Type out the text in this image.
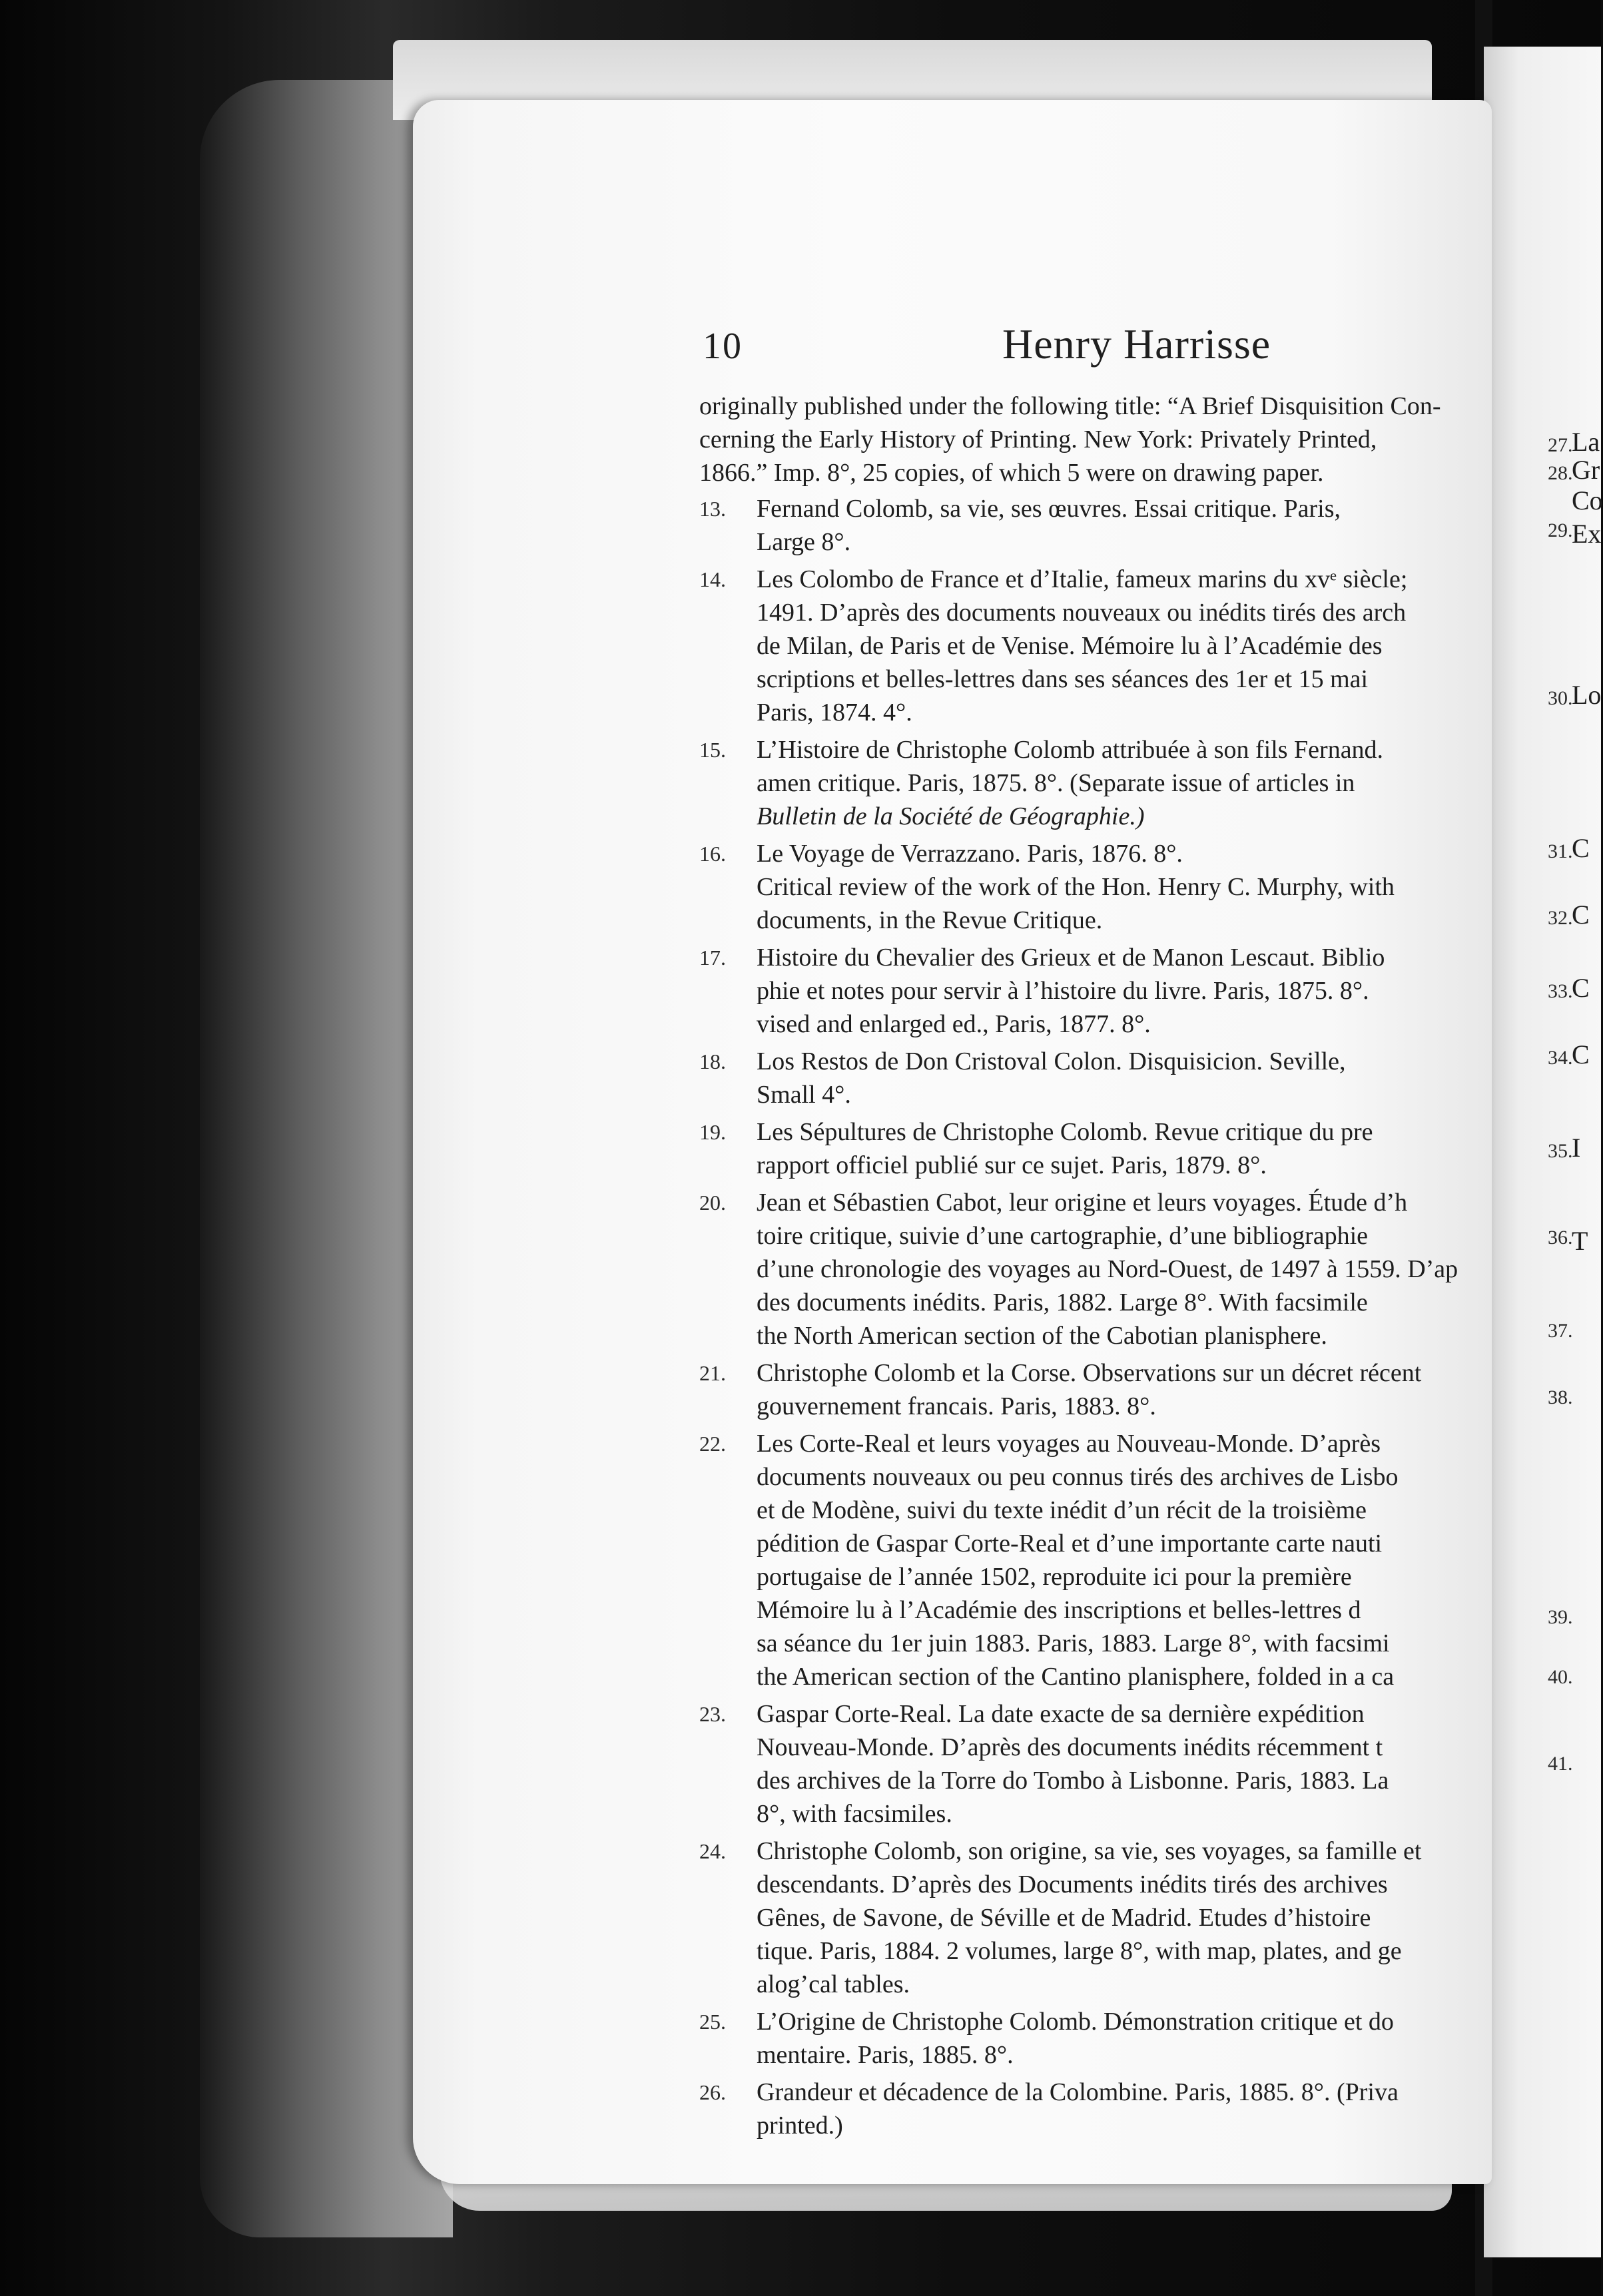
10	Henry Harrisse

originally published under the following title: “A Brief Disquisition Con-

cerning the Early History of Printing. New York: Privately Printed,

1866.” Imp. 8°, 25 copies, of which 5 were on drawing paper.

13. Fernand Colomb, sa vie, ses œuvres. Essai critique. Paris,
Large 8°.
14. Les Colombo de France et d’Italie, fameux marins du xvᵉ siècle;
1491. D’après des documents nouveaux ou inédits tirés des arch
de Milan, de Paris et de Venise. Mémoire lu à l’Académie des
scriptions et belles-lettres dans ses séances des 1er et 15 mai
Paris, 1874. 4°.
15. L’Histoire de Christophe Colomb attribuée à son fils Fernand.
amen critique. Paris, 1875. 8°. (Separate issue of articles in
Bulletin de la Société de Géographie.)
16. Le Voyage de Verrazzano. Paris, 1876. 8°.
Critical review of the work of the Hon. Henry C. Murphy, with
documents, in the Revue Critique.
17. Histoire du Chevalier des Grieux et de Manon Lescaut. Biblio
phie et notes pour servir à l’histoire du livre. Paris, 1875. 8°.
vised and enlarged ed., Paris, 1877. 8°.
18. Los Restos de Don Cristoval Colon. Disquisicion. Seville,
Small 4°.
19. Les Sépultures de Christophe Colomb. Revue critique du pre
rapport officiel publié sur ce sujet. Paris, 1879. 8°.
20. Jean et Sébastien Cabot, leur origine et leurs voyages. Étude d’h
toire critique, suivie d’une cartographie, d’une bibliographie
d’une chronologie des voyages au Nord-Ouest, de 1497 à 1559. D’ap
des documents inédits. Paris, 1882. Large 8°. With facsimile
the North American section of the Cabotian planisphere.
21. Christophe Colomb et la Corse. Observations sur un décret récent
gouvernement francais. Paris, 1883. 8°.
22. Les Corte-Real et leurs voyages au Nouveau-Monde. D’après
documents nouveaux ou peu connus tirés des archives de Lisbo
et de Modène, suivi du texte inédit d’un récit de la troisième
pédition de Gaspar Corte-Real et d’une importante carte nauti
portugaise de l’année 1502, reproduite ici pour la première
Mémoire lu à l’Académie des inscriptions et belles-lettres d
sa séance du 1er juin 1883. Paris, 1883. Large 8°, with facsimi
the American section of the Cantino planisphere, folded in a ca
23. Gaspar Corte-Real. La date exacte de sa dernière expédition
Nouveau-Monde. D’après des documents inédits récemment t
des archives de la Torre do Tombo à Lisbonne. Paris, 1883. La
8°, with facsimiles.
24. Christophe Colomb, son origine, sa vie, ses voyages, sa famille et
descendants. D’après des Documents inédits tirés des archives
Gênes, de Savone, de Séville et de Madrid. Etudes d’histoire
tique. Paris, 1884. 2 volumes, large 8°, with map, plates, and ge
alog’cal tables.
25. L’Origine de Christophe Colomb. Démonstration critique et do
mentaire. Paris, 1885. 8°.
26. Grandeur et décadence de la Colombine. Paris, 1885. 8°. (Priva
printed.)
27.
28.
29.
30.
31.
32.
33.
34.
35.
36.
37.
38.
39.
40.
41.
La
Gr
Co
Ex
Lo
C
C
C
C
I
T
